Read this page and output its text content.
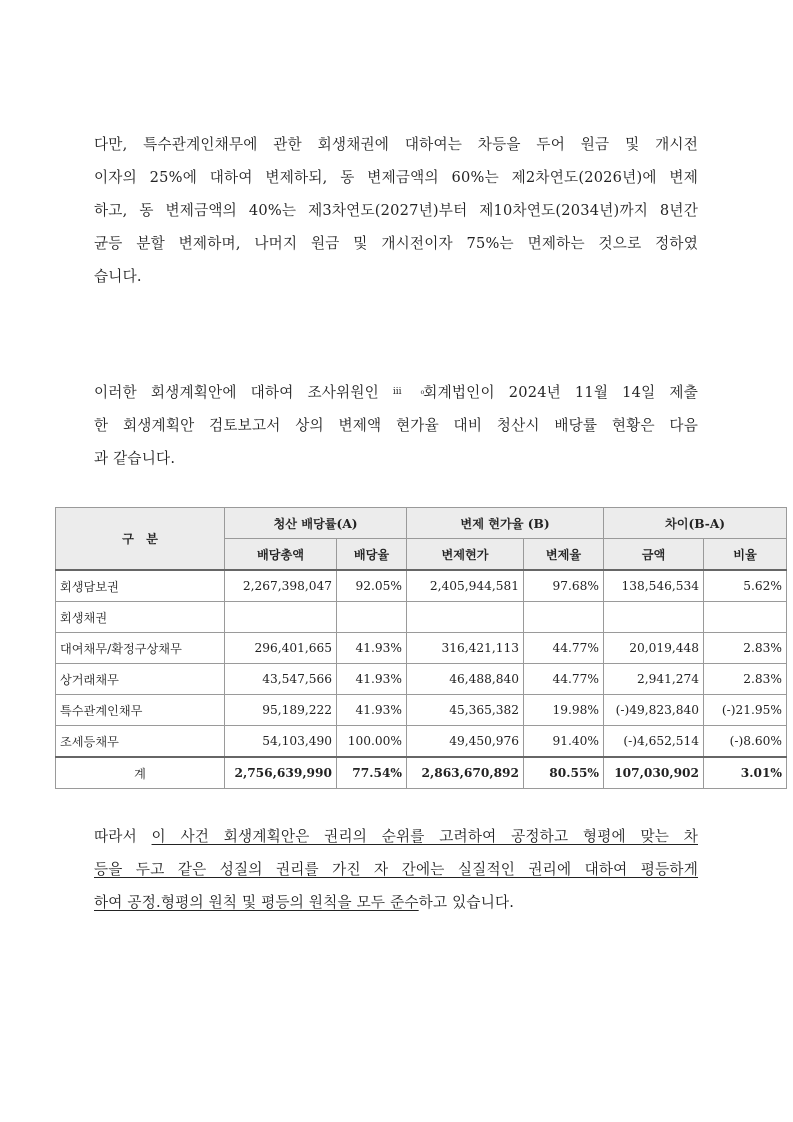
다만, 특수관계인채무에 관한 회생채권에 대하여는 차등을 두어 원금 및 개시전
이자의 25%에 대하여 변제하되, 동 변제금액의 60%는 제2차연도(2026년)에 변제
하고, 동 변제금액의 40%는 제3차연도(2027년)부터 제10차연도(2034년)까지 8년간
균등 분할 변제하며, 나머지 원금 및 개시전이자 75%는 면제하는 것으로 정하였
습니다.
이러한 회생계획안에 대하여 조사위원인 $^{ⅲ _0}$회계법인이 2024년 11월 14일 제출
한 회생계획안 검토보고서 상의 변제액 현가율 대비 청산시 배당률 현황은 다음
과 같습니다.
구　분	청산 배당률(A)		변제 현가율 (B)		차이(B-A)	
	배당총액	배당율	변제현가	변제율	금액	비율
회생담보권	2,267,398,047	92.05%	2,405,944,581	97.68%	138,546,534	5.62%
회생채권						
대여채무/확정구상채무	296,401,665	41.93%	316,421,113	44.77%	20,019,448	2.83%
상거래채무	43,547,566	41.93%	46,488,840	44.77%	2,941,274	2.83%
특수관계인채무	95,189,222	41.93%	45,365,382	19.98%	(-)49,823,840	(-)21.95%
조세등채무	54,103,490	100.00%	49,450,976	91.40%	(-)4,652,514	(-)8.60%
계	2,756,639,990	77.54%	2,863,670,892	80.55%	107,030,902	3.01%
따라서 이 사건 회생계획안은 권리의 순위를 고려하여 공정하고 형평에 맞는 차
등을 두고 같은 성질의 권리를 가진 자 간에는 실질적인 권리에 대하여 평등하게
하여 공정.형평의 원칙 및 평등의 원칙을 모두 준수하고 있습니다.
